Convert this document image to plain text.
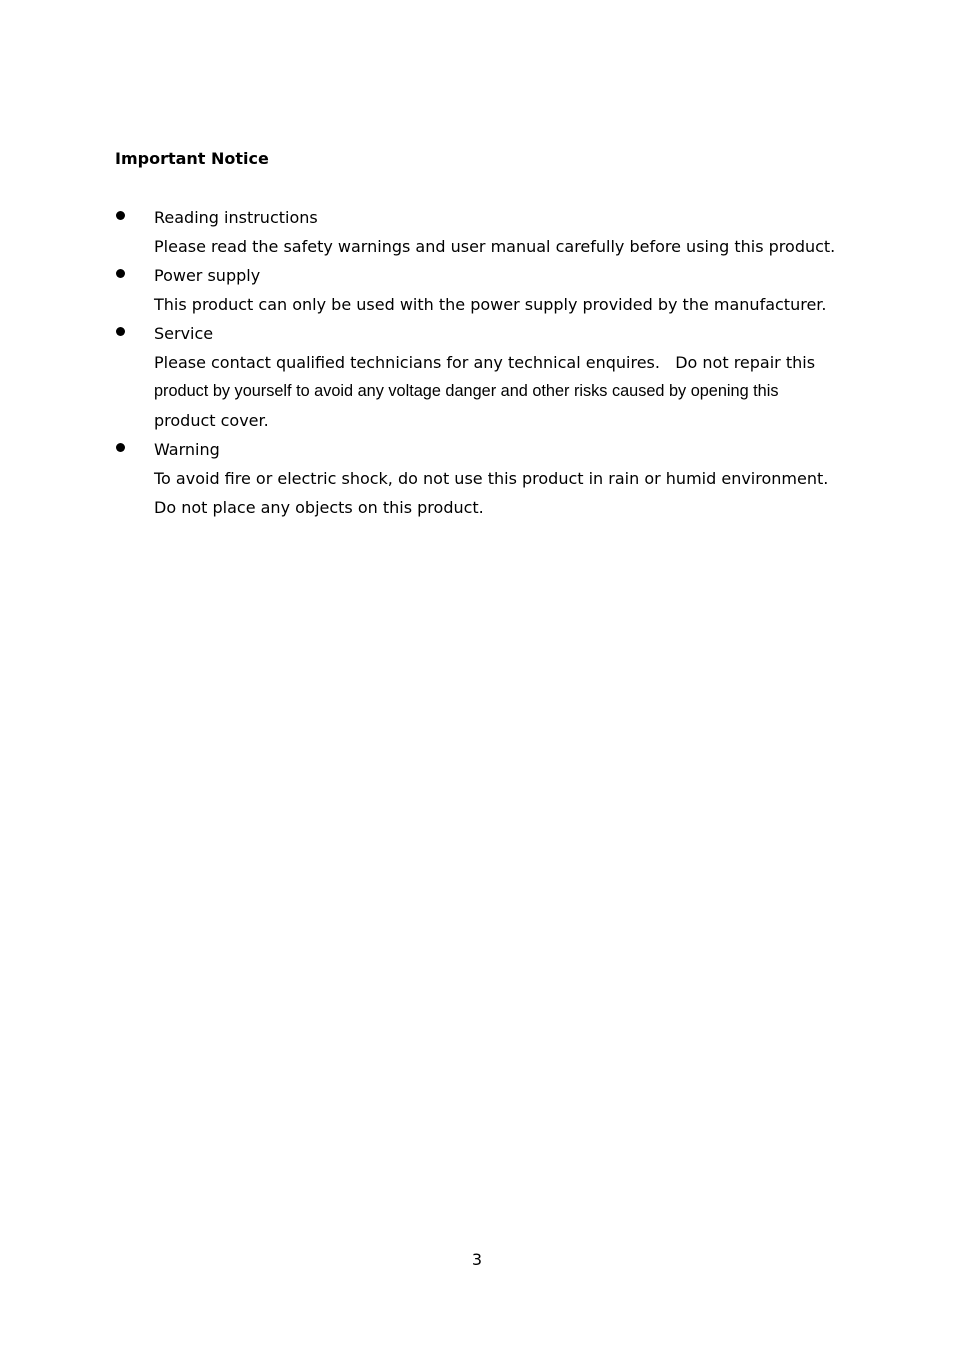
Important Notice
Reading instructions
Please read the safety warnings and user manual carefully before using this product.
Power supply
This product can only be used with the power supply provided by the manufacturer.
Service
Please contact qualified technicians for any technical enquires.   Do not repair this
product by yourself to avoid any voltage danger and other risks caused by opening this
product cover.
Warning
To avoid fire or electric shock, do not use this product in rain or humid environment.
Do not place any objects on this product.
3
